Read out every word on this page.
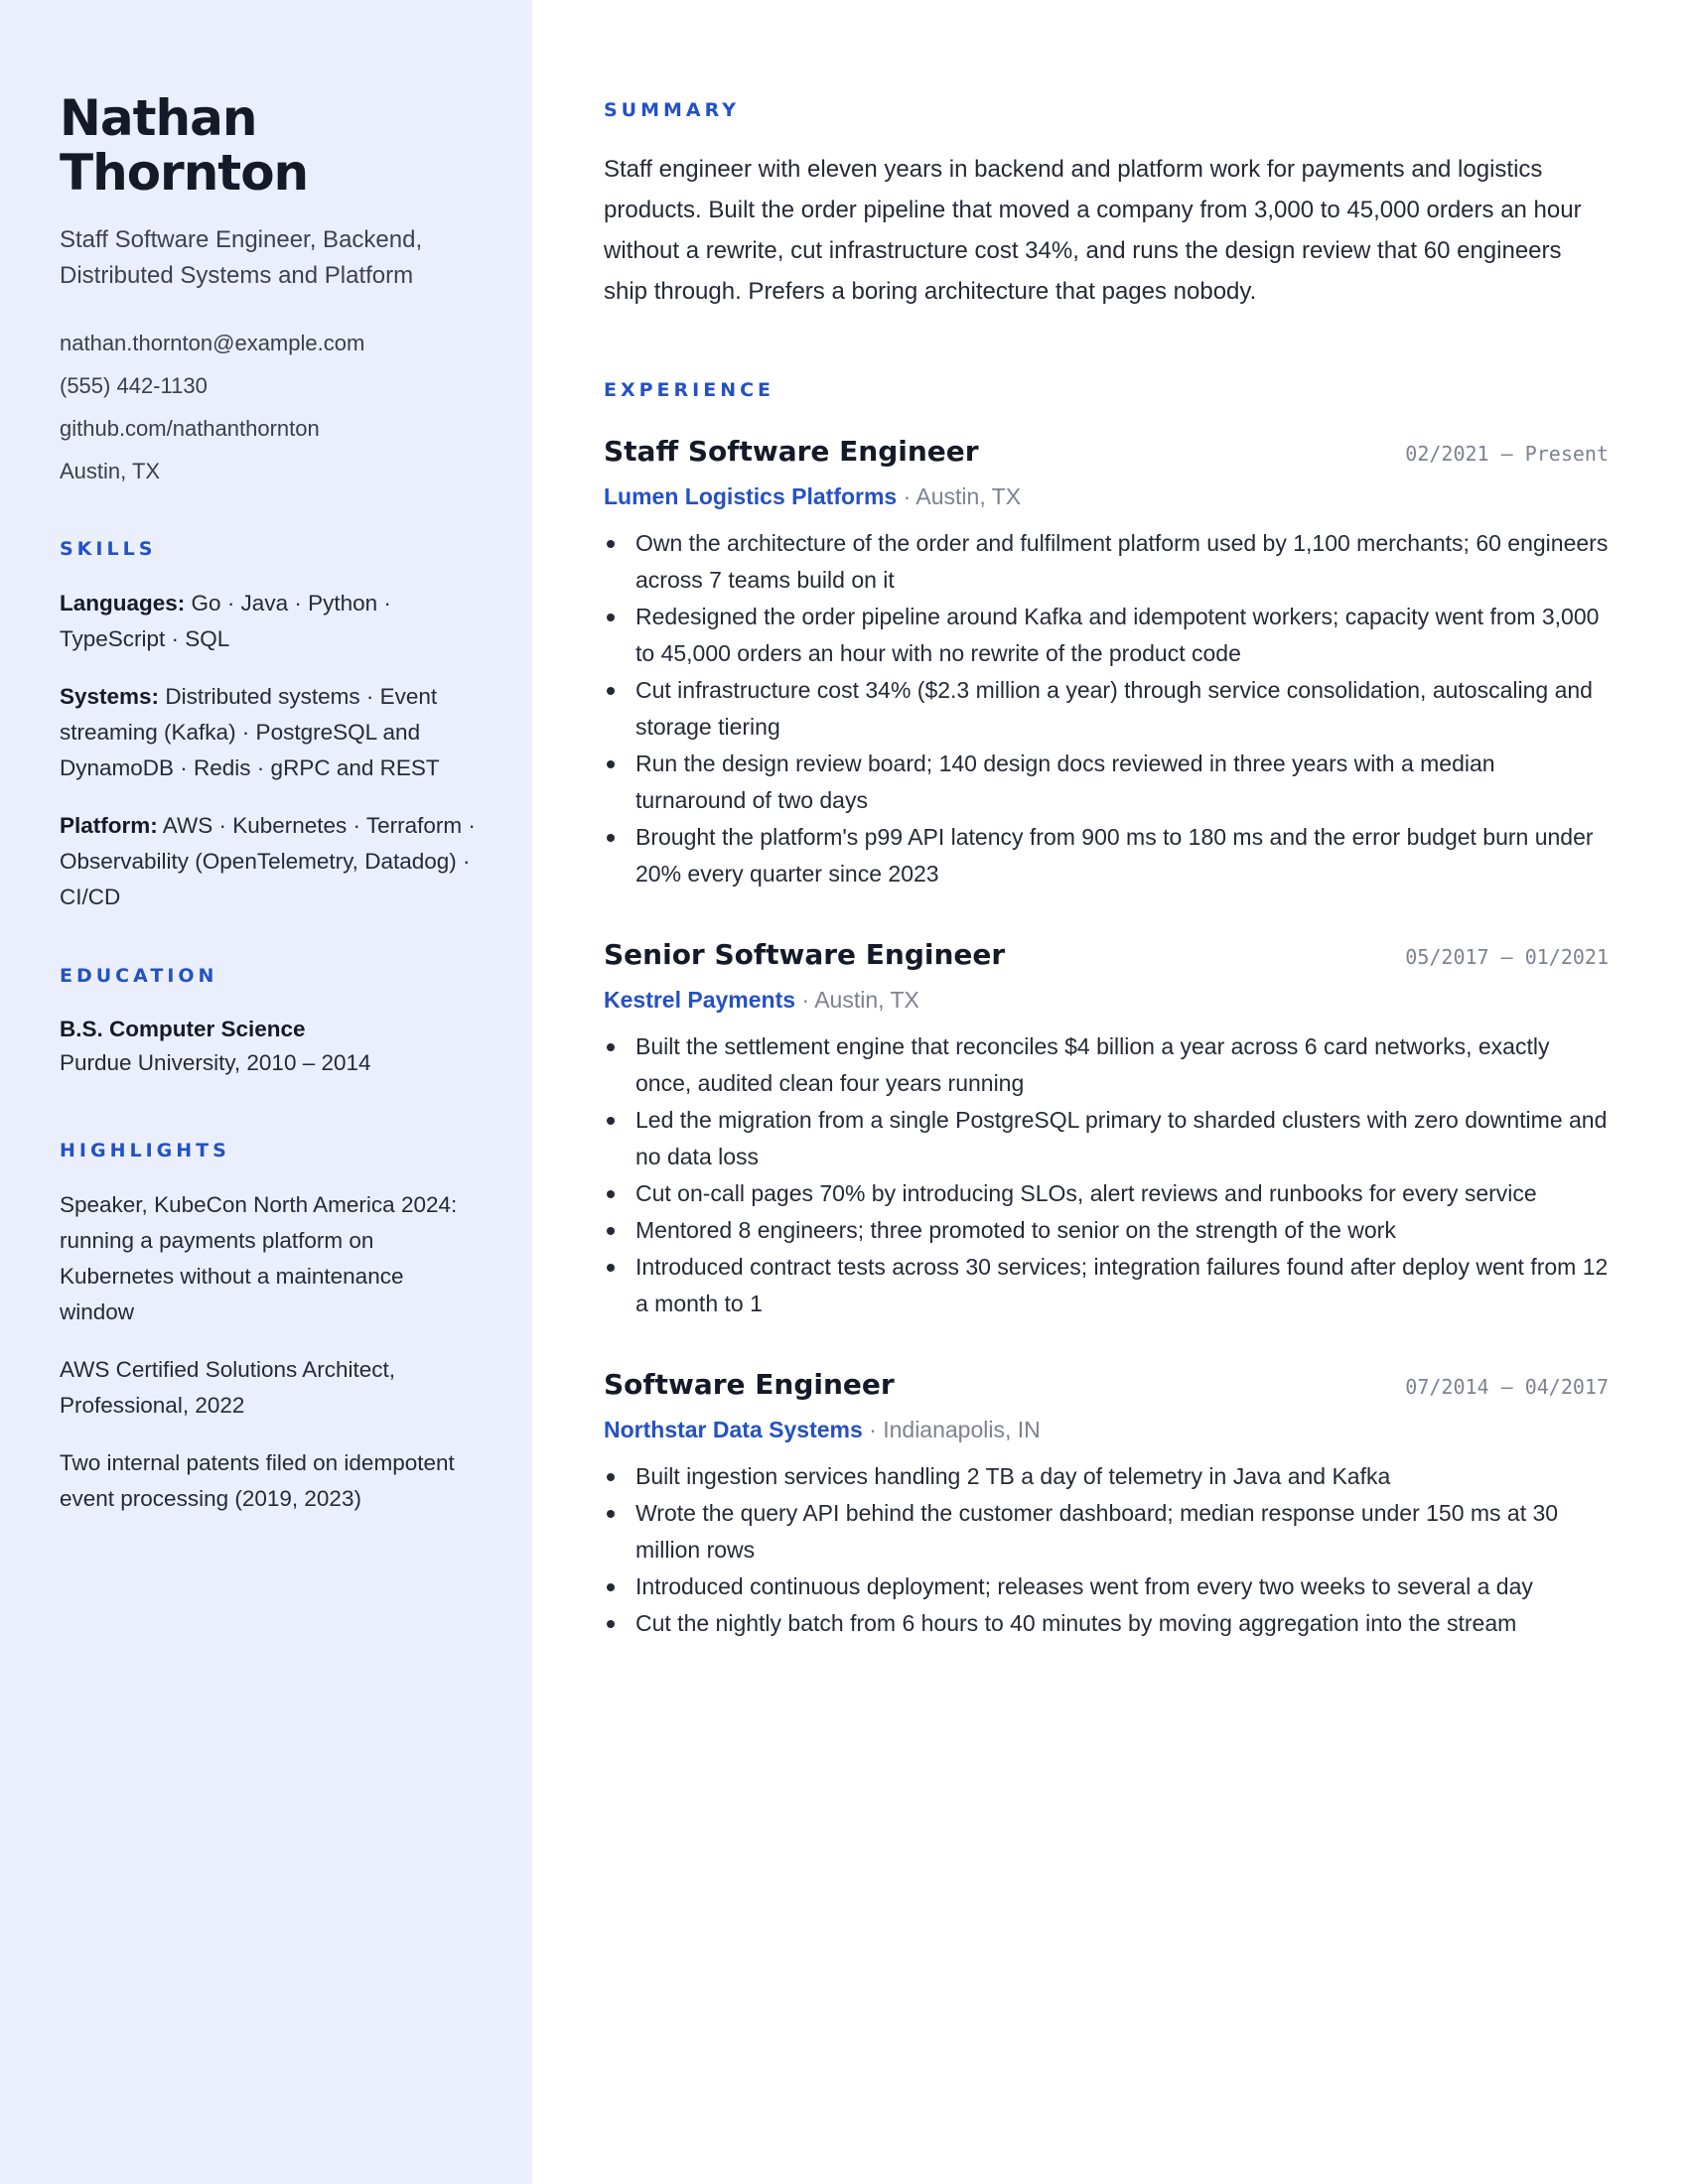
Nathan Thornton
Staff Software Engineer, Backend, Distributed Systems and Platform
nathan.thornton@example.com
(555) 442-1130
github.com/nathanthornton
Austin, TX
SKILLS
Languages: Go · Java · Python · TypeScript · SQL
Systems: Distributed systems · Event streaming (Kafka) · PostgreSQL and DynamoDB · Redis · gRPC and REST
Platform: AWS · Kubernetes · Terraform · Observability (OpenTelemetry, Datadog) · CI/CD
EDUCATION
B.S. Computer Science
Purdue University, 2010 – 2014
HIGHLIGHTS
Speaker, KubeCon North America 2024: running a payments platform on Kubernetes without a maintenance window
AWS Certified Solutions Architect, Professional, 2022
Two internal patents filed on idempotent event processing (2019, 2023)
SUMMARY

Staff engineer with eleven years in backend and platform work for payments and logistics products. Built the order pipeline that moved a company from 3,000 to 45,000 orders an hour without a rewrite, cut infrastructure cost 34%, and runs the design review that 60 engineers ship through. Prefers a boring architecture that pages nobody.

EXPERIENCE
Staff Software Engineer	02/2021 – Present
Lumen Logistics Platforms · Austin, TX
Own the architecture of the order and fulfilment platform used by 1,100 merchants; 60 engineers across 7 teams build on it
Redesigned the order pipeline around Kafka and idempotent workers; capacity went from 3,000 to 45,000 orders an hour with no rewrite of the product code
Cut infrastructure cost 34% ($2.3 million a year) through service consolidation, autoscaling and storage tiering
Run the design review board; 140 design docs reviewed in three years with a median turnaround of two days
Brought the platform's p99 API latency from 900 ms to 180 ms and the error budget burn under 20% every quarter since 2023
Senior Software Engineer	05/2017 – 01/2021
Kestrel Payments · Austin, TX
Built the settlement engine that reconciles $4 billion a year across 6 card networks, exactly once, audited clean four years running
Led the migration from a single PostgreSQL primary to sharded clusters with zero downtime and no data loss
Cut on-call pages 70% by introducing SLOs, alert reviews and runbooks for every service
Mentored 8 engineers; three promoted to senior on the strength of the work
Introduced contract tests across 30 services; integration failures found after deploy went from 12 a month to 1
Software Engineer	07/2014 – 04/2017
Northstar Data Systems · Indianapolis, IN
Built ingestion services handling 2 TB a day of telemetry in Java and Kafka
Wrote the query API behind the customer dashboard; median response under 150 ms at 30 million rows
Introduced continuous deployment; releases went from every two weeks to several a day
Cut the nightly batch from 6 hours to 40 minutes by moving aggregation into the stream
